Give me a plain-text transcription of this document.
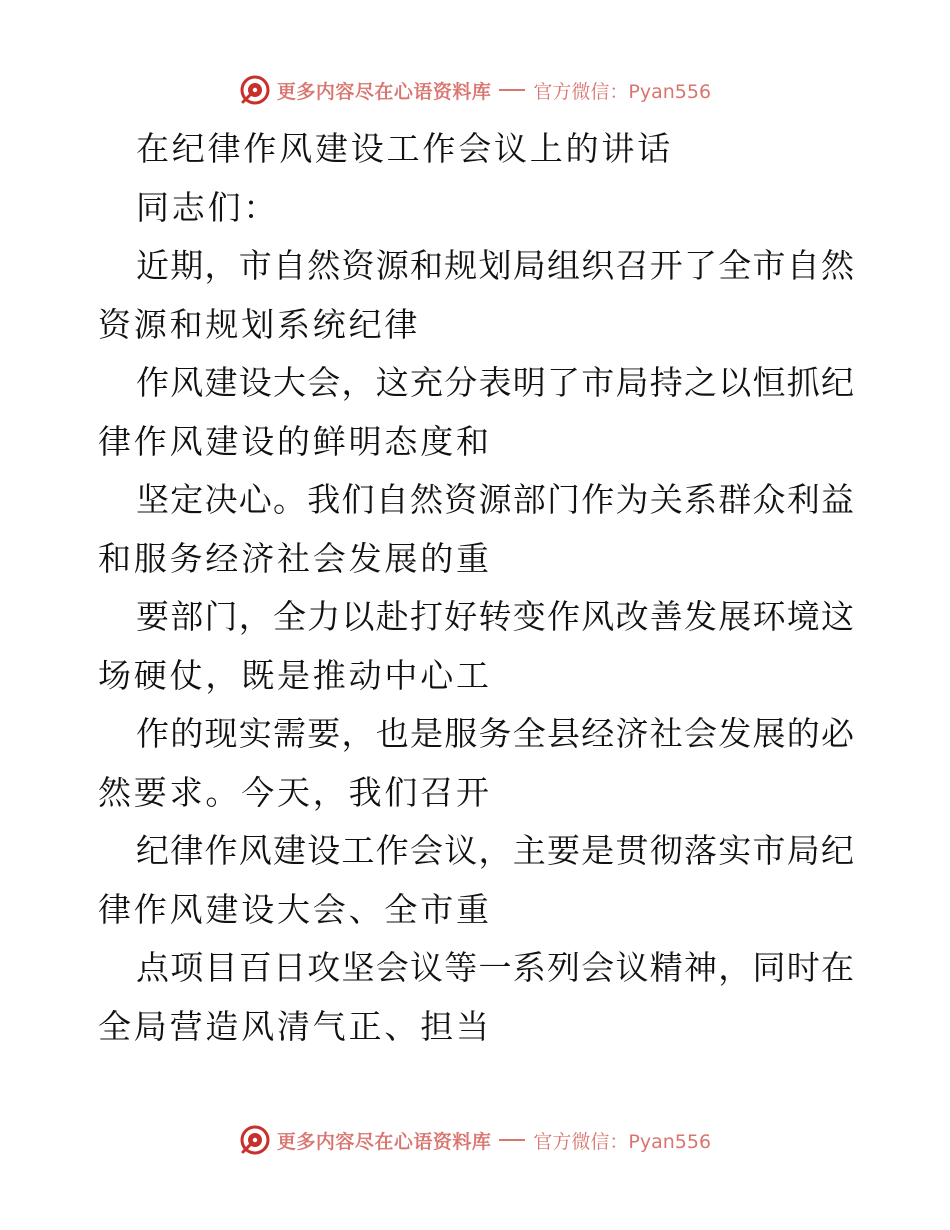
更多内容尽在心语资料库 官方微信：Pyan556
在纪律作风建设工作会议上的讲话
同志们：
近期，市自然资源和规划局组织召开了全市自然
资源和规划系统纪律
作风建设大会，这充分表明了市局持之以恒抓纪
律作风建设的鲜明态度和
坚定决心。我们自然资源部门作为关系群众利益
和服务经济社会发展的重
要部门，全力以赴打好转变作风改善发展环境这
场硬仗，既是推动中心工
作的现实需要，也是服务全县经济社会发展的必
然要求。今天，我们召开
纪律作风建设工作会议，主要是贯彻落实市局纪
律作风建设大会、全市重
点项目百日攻坚会议等一系列会议精神，同时在
全局营造风清气正、担当
更多内容尽在心语资料库 官方微信：Pyan556
